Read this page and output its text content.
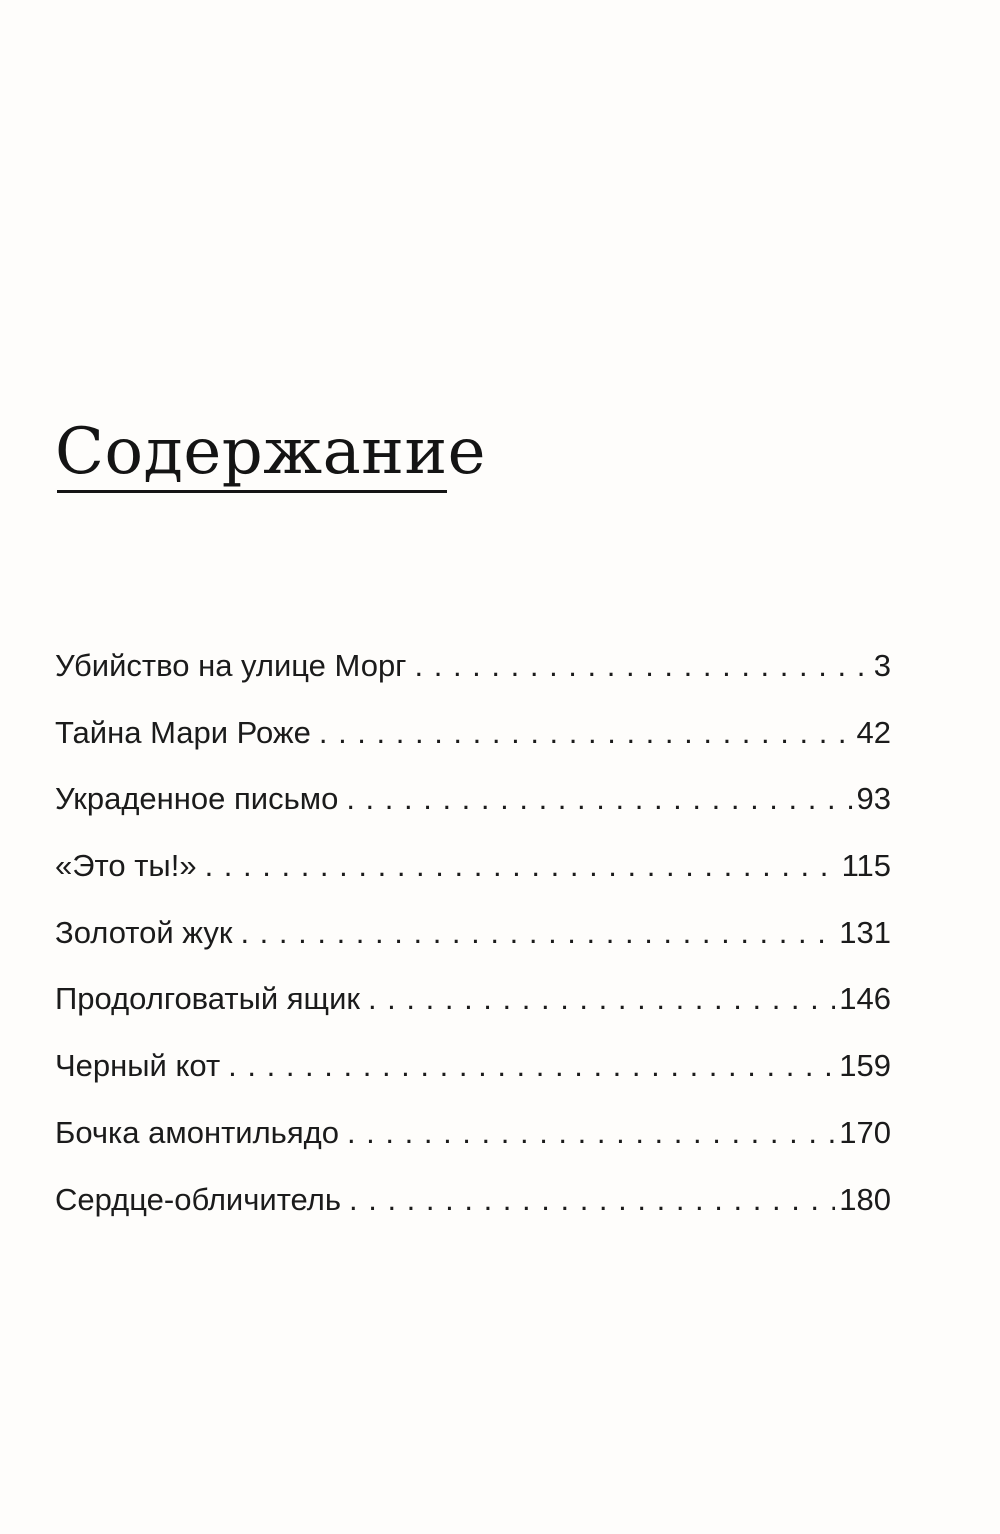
Содержание
Убийство на улице Морг . . .	3
Тайна Мари Роже . . .	42
Украденное письмо . . .	93
«Это ты!» . . .	115
Золотой жук . . .	131
Продолговатый ящик . . .	146
Черный кот . . .	159
Бочка амонтильядо . . .	170
Сердце-обличитель . . .	180
